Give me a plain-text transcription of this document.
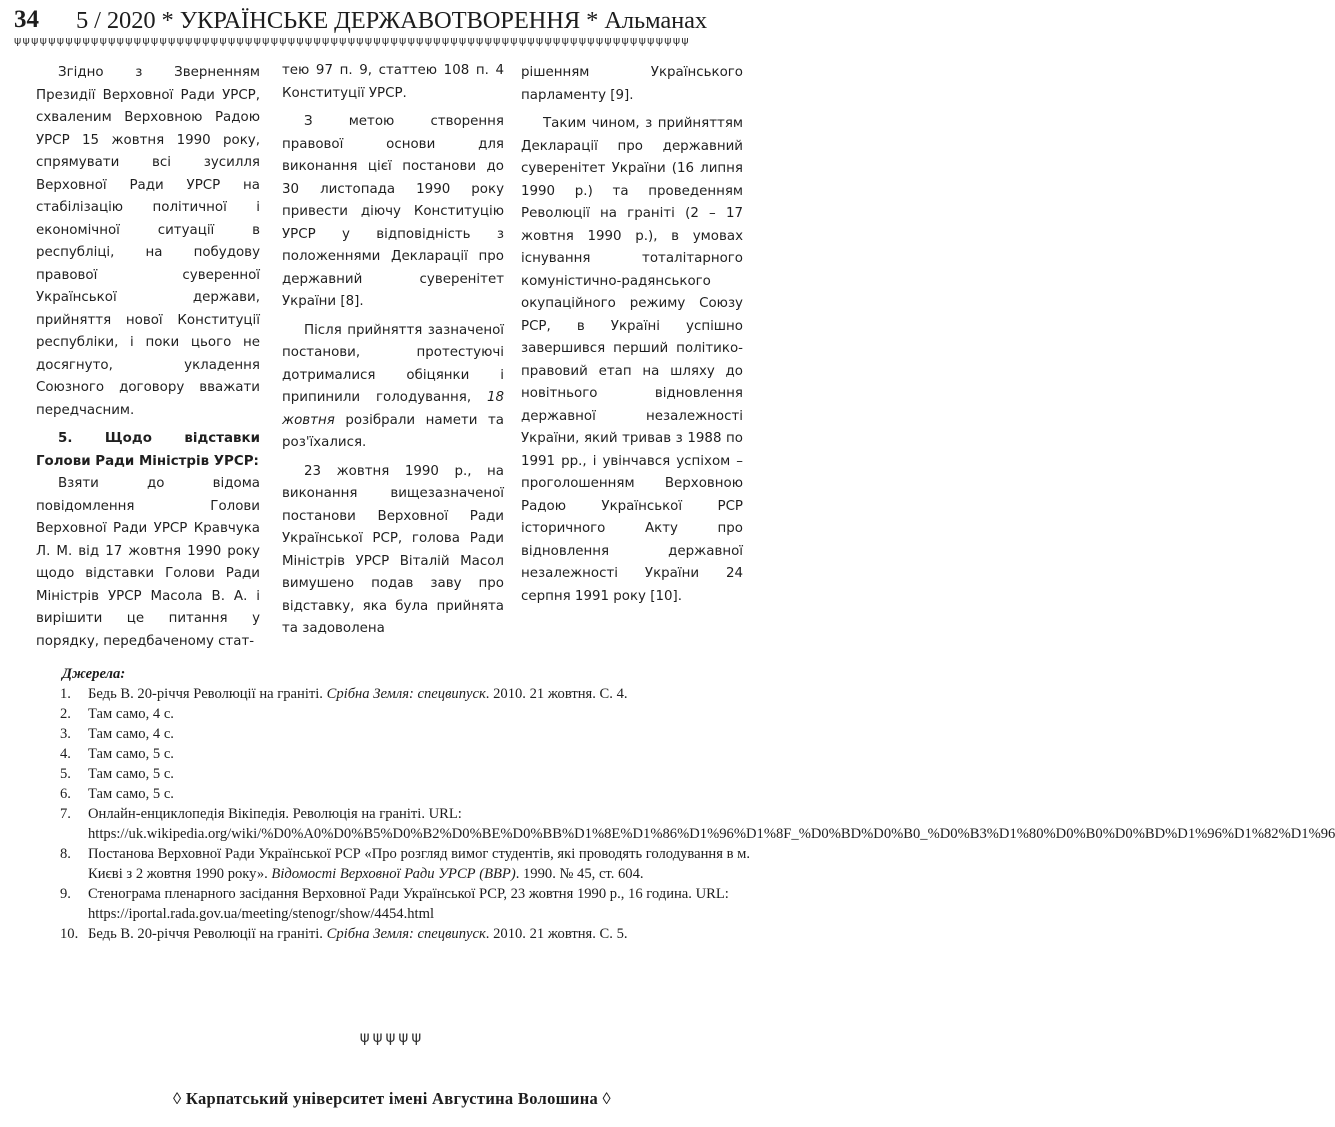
34 5 / 2020 * УКРАЇНСЬКЕ ДЕРЖАВОТВОРЕННЯ * Альманах
ψψψψψψψψψψψψψψψψψψψψψψψψψψψψψψψψψψψψψψψψψψψψψψψψψψψψψψψψψψψψψψψψψψψψψψψψψψψψψψψ

Згідно з Зверненням Президії Верховної Ради УРСР, схваленим Верховною Радою УРСР 15 жовтня 1990 року, спрямувати всі зусилля Верховної Ради УРСР на стабілізацію політичної і економічної ситуації в республіці, на побудову правової суверенної Української держави, прийняття нової Конституції республіки, і поки цього не досягнуто, укладення Союзного договору вважати передчасним.

5. Щодо відставки Голови Ради Міністрів УРСР:

Взяти до відома повідомлення Голови Верховної Ради УРСР Кравчука Л. М. від 17 жовтня 1990 року щодо відставки Голови Ради Міністрів УРСР Масола В. А. і вирішити це питання у порядку, передбаченому стат-

тею 97 п. 9, статтею 108 п. 4 Конституції УРСР.

З метою створення правової основи для виконання цієї постанови до 30 листопада 1990 року привести діючу Конституцію УРСР у відповідність з положеннями Декларації про державний суверенітет України [8].

Після прийняття зазначеної постанови, протестуючі дотрималися обіцянки і припинили голодування, 18 жовтня розібрали намети та роз'їхалися.

23 жовтня 1990 р., на виконання вищезазначеної постанови Верховної Ради Української РСР, голова Ради Міністрів УРСР Віталій Масол вимушено подав заву про відставку, яка була прийнята та задоволена

рішенням Українського парламенту [9].

Таким чином, з прийняттям Декларації про державний суверенітет України (16 липня 1990 р.) та проведенням Революції на граніті (2 – 17 жовтня 1990 р.), в умовах існування тоталітарного комуністично-радянського окупаційного режиму Союзу РСР, в Україні успішно завершився перший політико-правовий етап на шляху до новітнього відновлення державної незалежності України, який тривав з 1988 по 1991 рр., і увінчався успіхом – проголошенням Верховною Радою Української РСР історичного Акту про відновлення державної незалежності України 24 серпня 1991 року [10].

Джерела:

1. Бедь В. 20-річчя Революції на граніті. Срібна Земля: спецвипуск. 2010. 21 жовтня. С. 4.

2. Там само, 4 с.

3. Там само, 4 с.

4. Там само, 5 с.

5. Там само, 5 с.

6. Там само, 5 с.

7. Онлайн-енциклопедія Вікіпедія. Революція на граніті. URL: https://uk.wikipedia.org/wiki/%D0%A0%D0%B5%D0%B2%D0%BE%D0%BB%D1%8E%D1%86%D1%96%D1%8F_%D0%BD%D0%B0_%D0%B3%D1%80%D0%B0%D0%BD%D1%96%D1%82%D1%96

8. Постанова Верховної Ради Української РСР «Про розгляд вимог студентів, які проводять голодування в м. Києві з 2 жовтня 1990 року». Відомості Верховної Ради УРСР (ВВР). 1990. № 45, ст. 604.

9. Стенограма пленарного засідання Верховної Ради Української РСР, 23 жовтня 1990 р., 16 година. URL: https://iportal.rada.gov.ua/meeting/stenogr/show/4454.html

10. Бедь В. 20-річчя Революції на граніті. Срібна Земля: спецвипуск. 2010. 21 жовтня. С. 5.

ψψψψψ
◊ Карпатський університет імені Августина Волошина ◊
